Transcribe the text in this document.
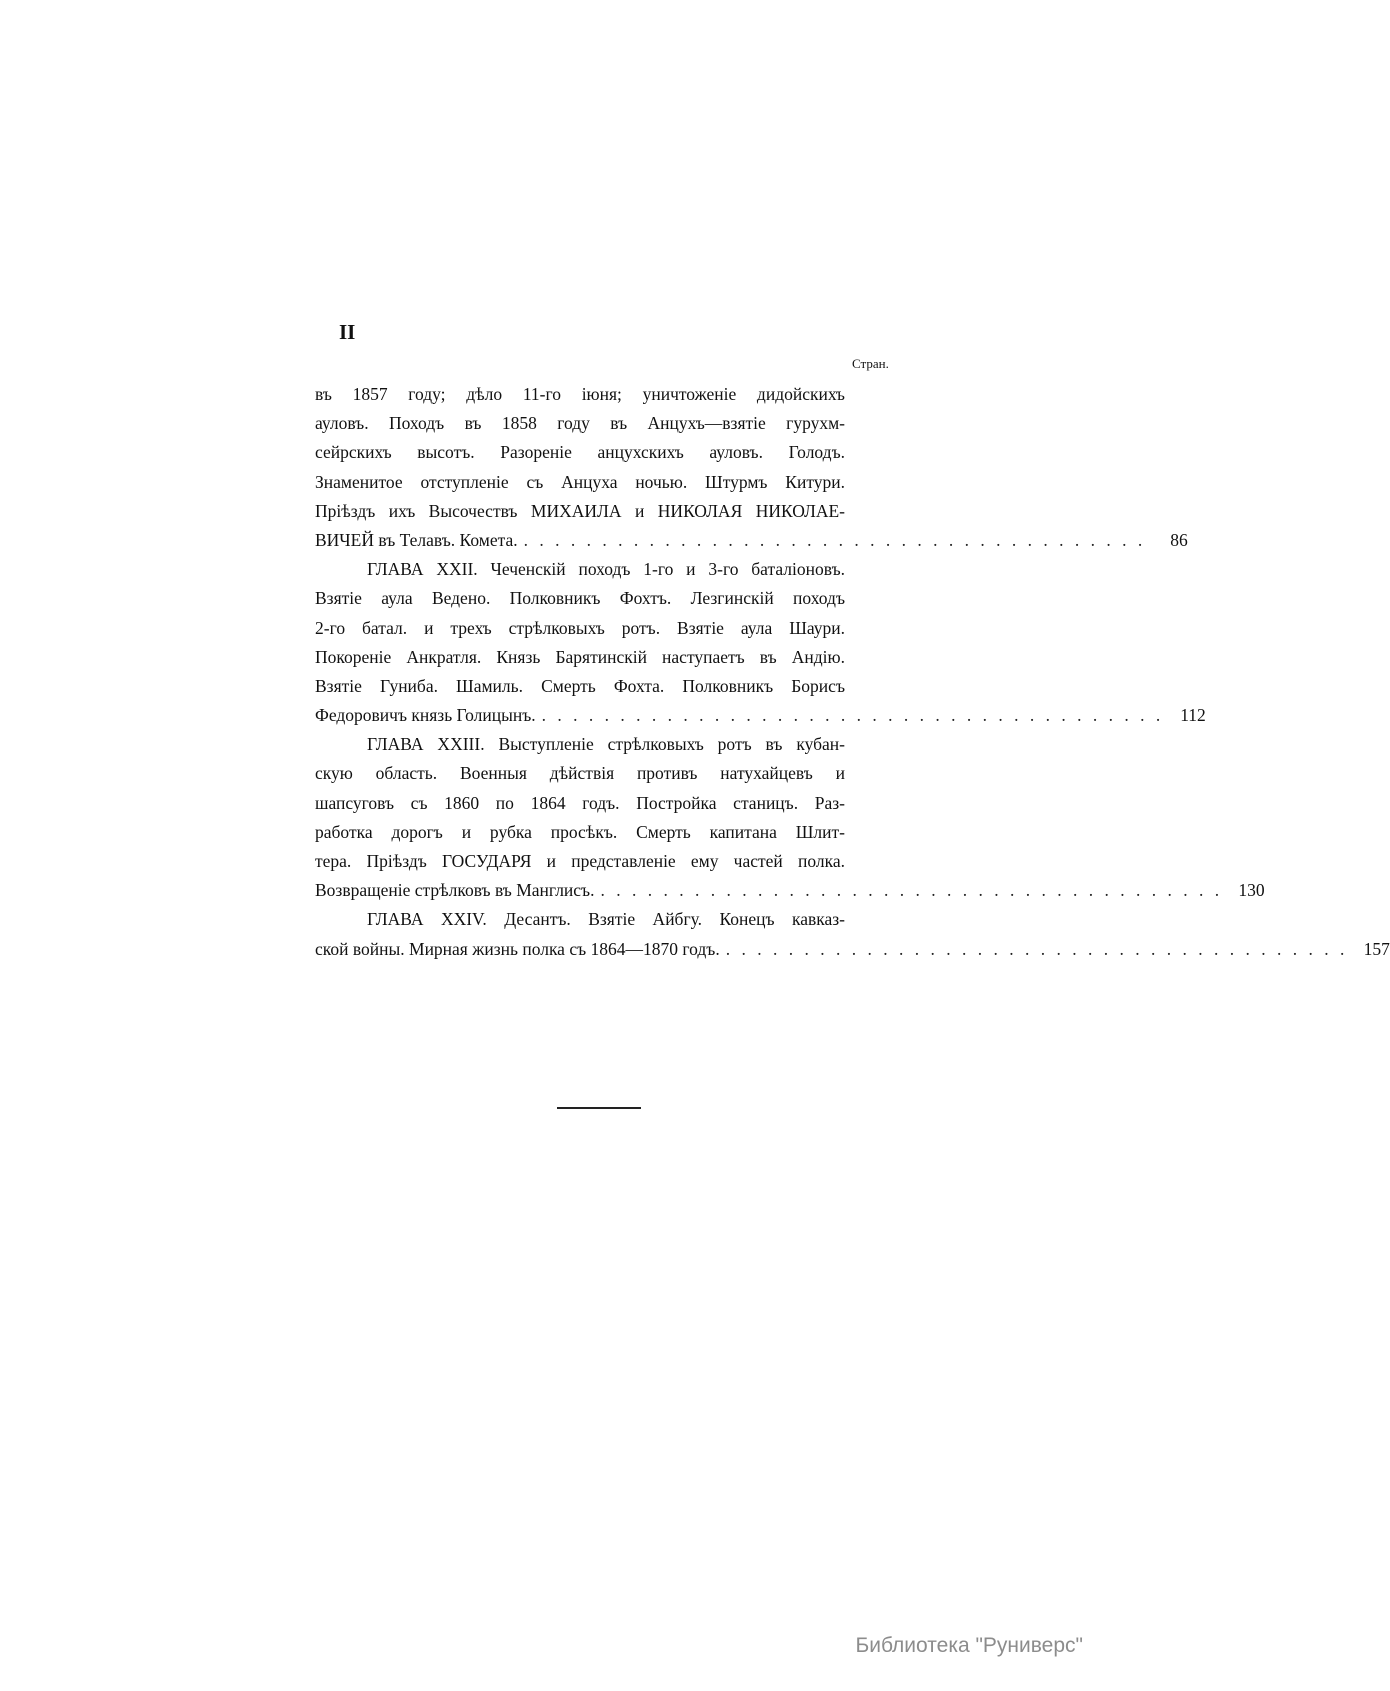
II
Стран.
въ 1857 году; дѣло 11-го іюня; уничтоженіе дидойскихъ
ауловъ. Походъ въ 1858 году въ Анцухъ—взятіе гурухм-
сейрскихъ высотъ. Разореніе анцухскихъ ауловъ. Голодъ.
Знаменитое отступленіе съ Анцуха ночью. Штурмъ Китури.
Пріѣздъ ихъ Высочествъ МИХАИЛА и НИКОЛАЯ НИКОЛАЕ-
ВИЧЕЙ въ Телавъ. Комета. . . . . . . . . . . . . . . . . . . . . . . . . . . . . . . . . . . . . . . . .	86
ГЛАВА XXII. Чеченскій походъ 1-го и 3-го баталіоновъ.
Взятіе аула Ведено. Полковникъ Фохтъ. Лезгинскій походъ
2-го батал. и трехъ стрѣлковыхъ ротъ. Взятіе аула Шаури.
Покореніе Анкратля. Князь Барятинскій наступаетъ въ Андію.
Взятіе Гуниба. Шамиль. Смерть Фохта. Полковникъ Борисъ
Федоровичъ князь Голицынъ. . . . . . . . . . . . . . . . . . . . . . . . . . . . . . . . . . . . . . . . . 112
ГЛАВА XXIII. Выступленіе стрѣлковыхъ ротъ въ кубан-
скую область. Военныя дѣйствія противъ натухайцевъ и
шапсуговъ съ 1860 по 1864 годъ. Постройка станицъ. Раз-
работка дорогъ и рубка просѣкъ. Смерть капитана Шлит-
тера. Пріѣздъ ГОСУДАРЯ и представленіе ему частей полка.
Возвращеніе стрѣлковъ въ Манглисъ. . . . . . . . . . . . . . . . . . . . . . . . . . . . . . . . . . . . . . . . . 130
ГЛАВА XXIV. Десантъ. Взятіе Айбгу. Конецъ кавказ-
ской войны. Мирная жизнь полка съ 1864—1870 годъ. . . . . . . . . . . . . . . . . . . . . . . . . . . . . . . . . . . . . . . . . 157
Библиотека "Руниверс"
